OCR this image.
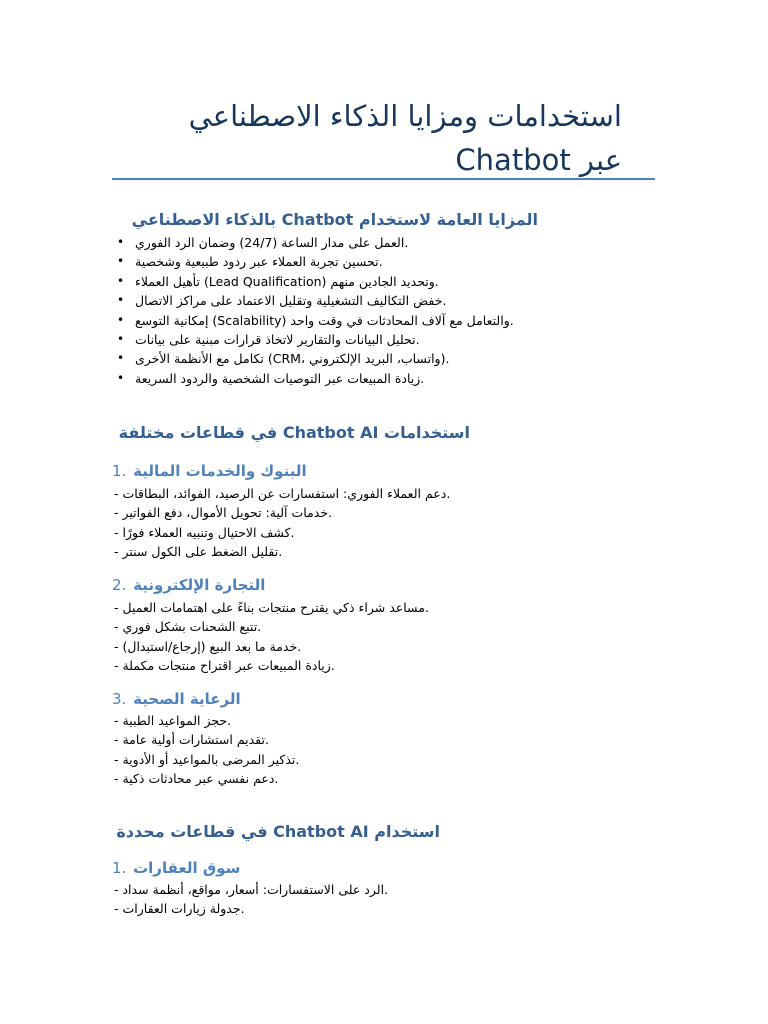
استخدامات ومزايا الذكاء الاصطناعي
عبر Chatbot
المزايا العامة لاستخدام Chatbot بالذكاء الاصطناعي
• العمل على مدار الساعة (24/7) وضمان الرد الفوري.
• تحسين تجربة العملاء عبر ردود طبيعية وشخصية.
• تأهيل العملاء (Lead Qualification) وتحديد الجادين منهم.
• خفض التكاليف التشغيلية وتقليل الاعتماد على مراكز الاتصال.
• إمكانية التوسع (Scalability) والتعامل مع آلاف المحادثات في وقت واحد.
• تحليل البيانات والتقارير لاتخاذ قرارات مبنية على بيانات.
• تكامل مع الأنظمة الأخرى (CRM، واتساب، البريد الإلكتروني).
• زيادة المبيعات عبر التوصيات الشخصية والردود السريعة.
استخدامات Chatbot AI في قطاعات مختلفة
1. البنوك والخدمات المالية
- دعم العملاء الفوري: استفسارات عن الرصيد، الفوائد، البطاقات.
- خدمات آلية: تحويل الأموال، دفع الفواتير.
- كشف الاحتيال وتنبيه العملاء فورًا.
- تقليل الضغط على الكول سنتر.
2. التجارة الإلكترونية
- مساعد شراء ذكي يقترح منتجات بناءً على اهتمامات العميل.
- تتبع الشحنات بشكل فوري.
- خدمة ما بعد البيع (إرجاع/استبدال).
- زيادة المبيعات عبر اقتراح منتجات مكملة.
3. الرعاية الصحية
- حجز المواعيد الطبية.
- تقديم استشارات أولية عامة.
- تذكير المرضى بالمواعيد أو الأدوية.
- دعم نفسي عبر محادثات ذكية.
استخدام Chatbot AI في قطاعات محددة
1. سوق العقارات
- الرد على الاستفسارات: أسعار، مواقع، أنظمة سداد.
- جدولة زيارات العقارات.
